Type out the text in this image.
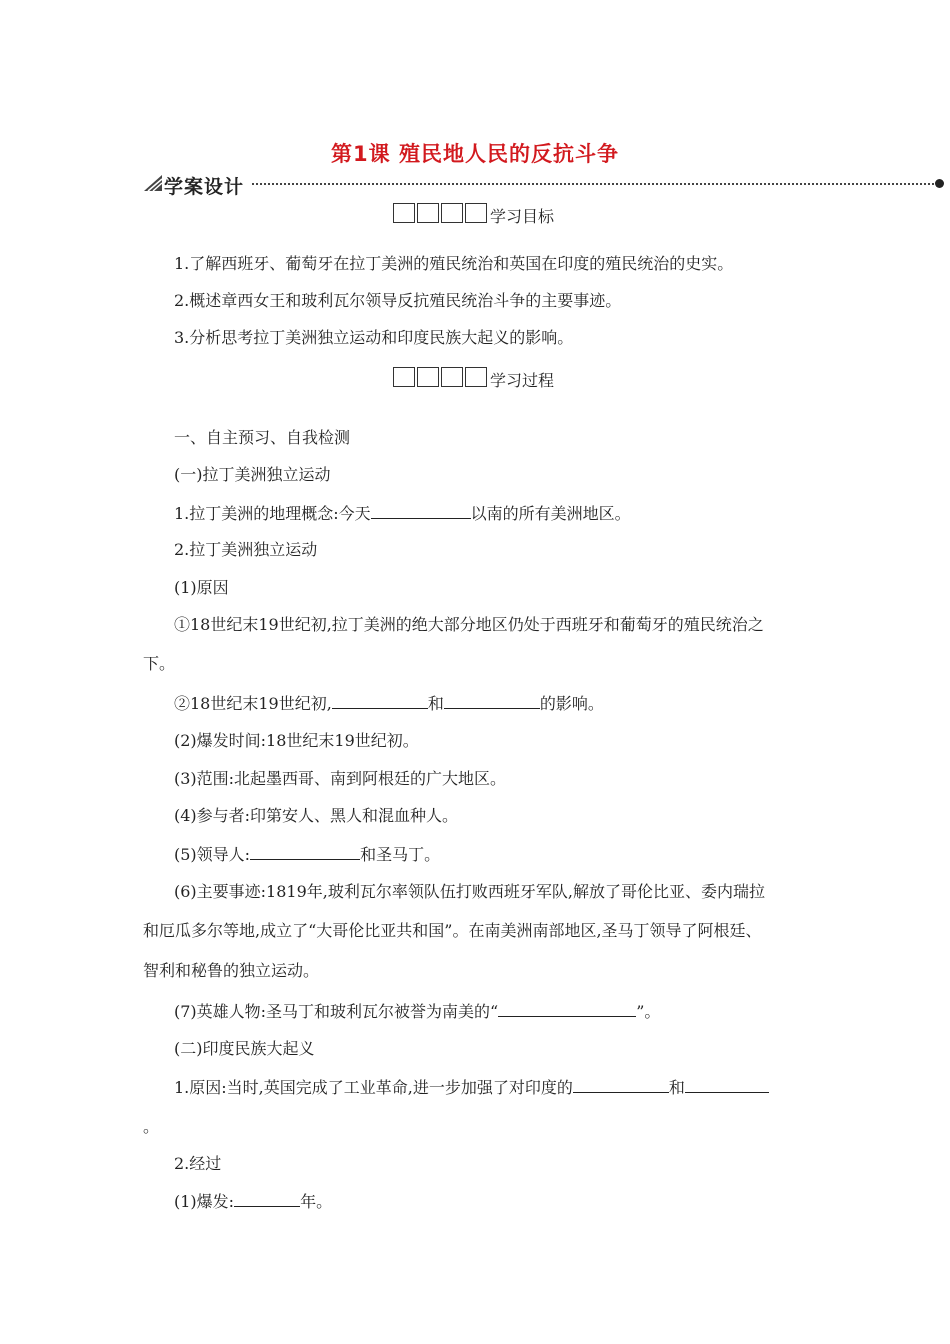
第1课 殖民地人民的反抗斗争
学案设计
学习目标
1.了解西班牙、葡萄牙在拉丁美洲的殖民统治和英国在印度的殖民统治的史实。
2.概述章西女王和玻利瓦尔领导反抗殖民统治斗争的主要事迹。
3.分析思考拉丁美洲独立运动和印度民族大起义的影响。
学习过程
一、自主预习、自我检测
(一)拉丁美洲独立运动
1.拉丁美洲的地理概念:今天	以南的所有美洲地区。
2.拉丁美洲独立运动
(1)原因
①18世纪末19世纪初,拉丁美洲的绝大部分地区仍处于西班牙和葡萄牙的殖民统治之
下。
②18世纪末19世纪初,	和	的影响。
(2)爆发时间:18世纪末19世纪初。
(3)范围:北起墨西哥、南到阿根廷的广大地区。
(4)参与者:印第安人、黑人和混血种人。
(5)领导人:	和圣马丁。
(6)主要事迹:1819年,玻利瓦尔率领队伍打败西班牙军队,解放了哥伦比亚、委内瑞拉
和厄瓜多尔等地,成立了“大哥伦比亚共和国”。在南美洲南部地区,圣马丁领导了阿根廷、
智利和秘鲁的独立运动。
(7)英雄人物:圣马丁和玻利瓦尔被誉为南美的“	”。
(二)印度民族大起义
1.原因:当时,英国完成了工业革命,进一步加强了对印度的	和
。
2.经过
(1)爆发:	年。
